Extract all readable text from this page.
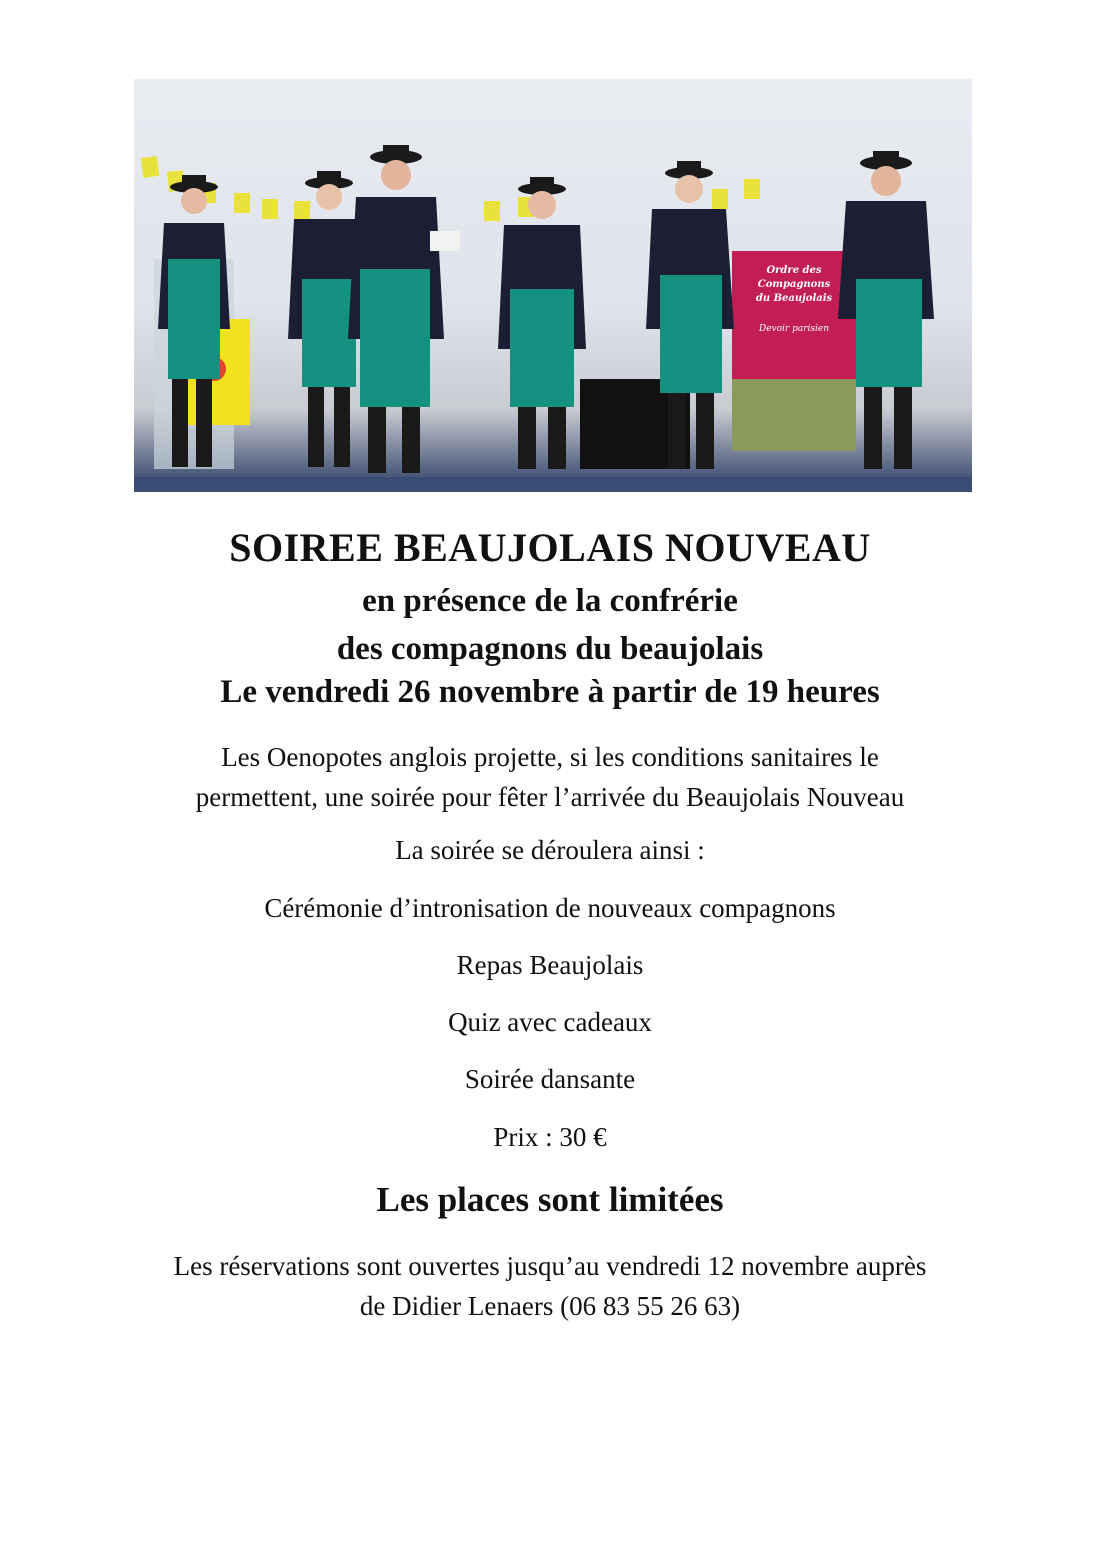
Ordre des
Compagnons
du Beaujolais
Devoir parisien
SOIREE BEAUJOLAIS NOUVEAU
en présence de la confrérie
des compagnons du beaujolais
Le vendredi 26 novembre à partir de 19 heures
Les Oenopotes anglois projette, si les conditions sanitaires le
permettent, une soirée pour fêter l’arrivée du Beaujolais Nouveau
La soirée se déroulera ainsi :
Cérémonie d’intronisation de nouveaux compagnons
Repas Beaujolais
Quiz avec cadeaux
Soirée dansante
Prix : 30 €
Les places sont limitées
Les réservations sont ouvertes jusqu’au vendredi 12 novembre auprès
de Didier Lenaers (06 83 55 26 63)
